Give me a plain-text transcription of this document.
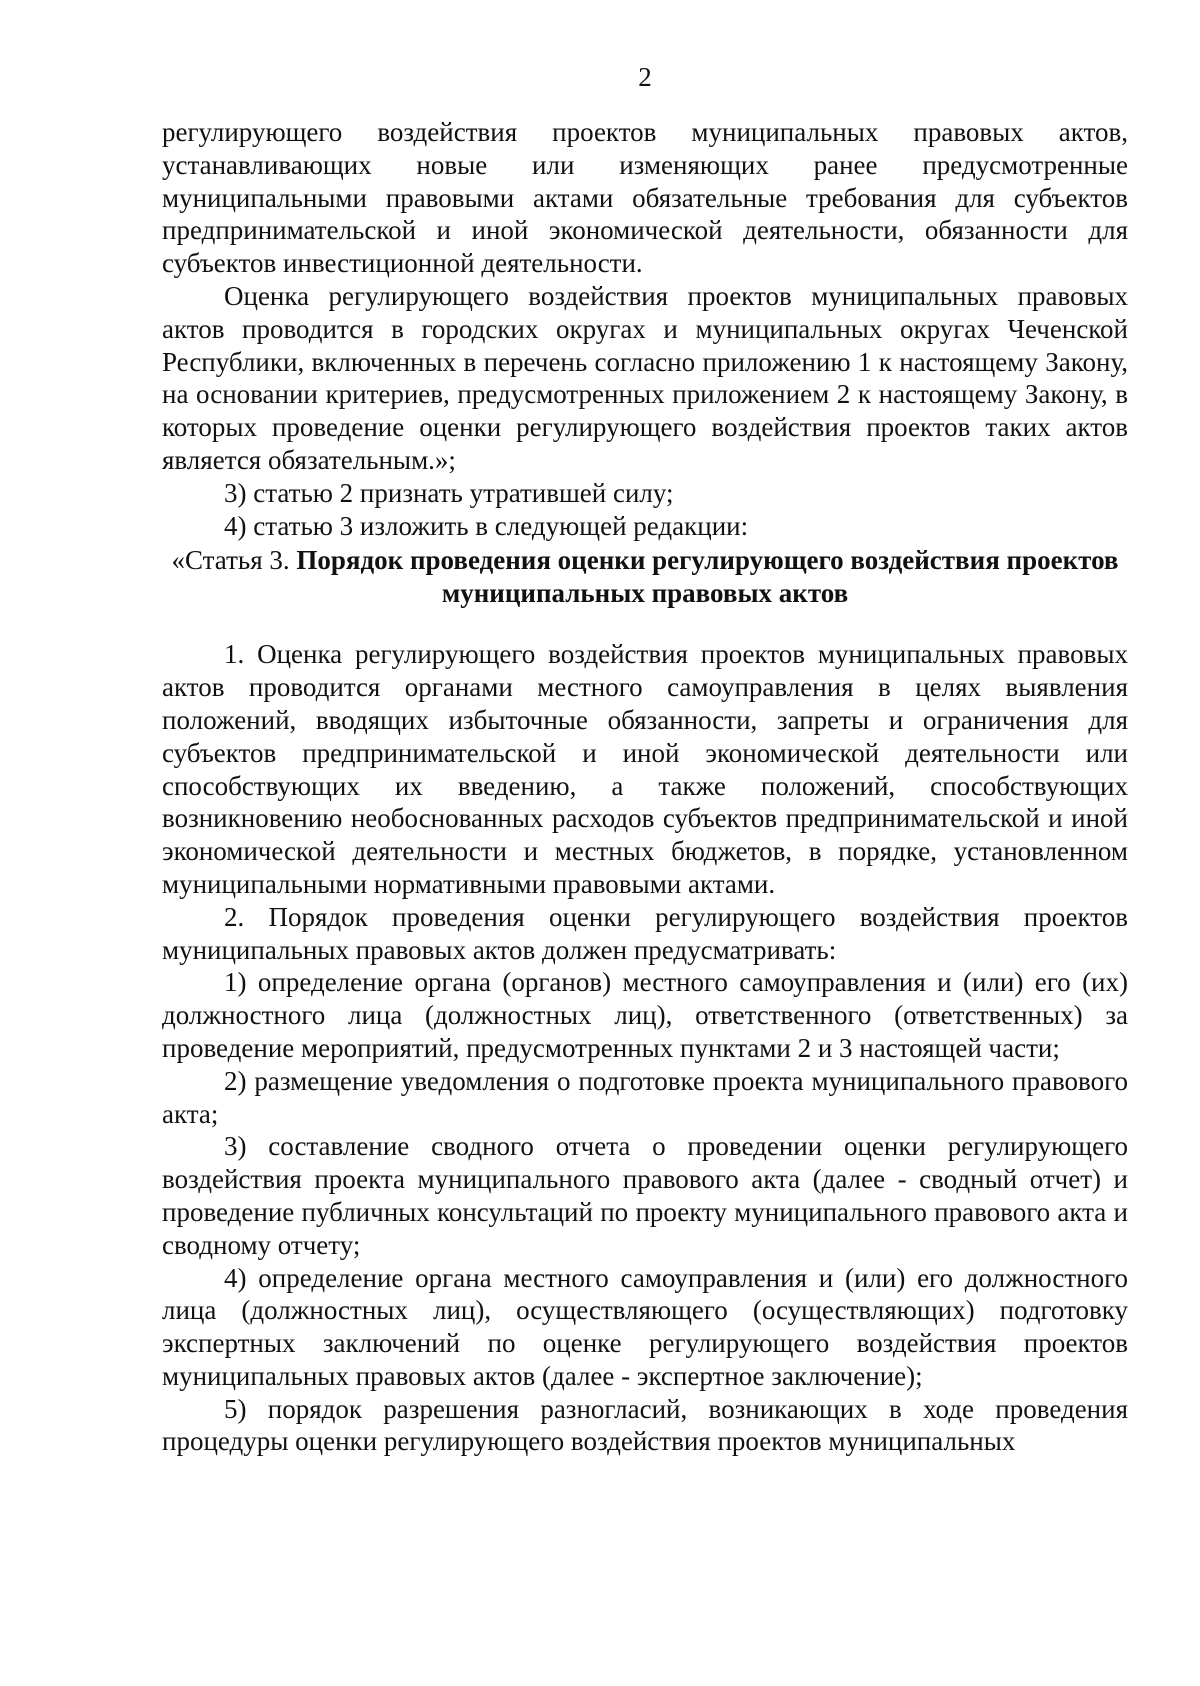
2

регулирующего воздействия проектов муниципальных правовых актов, устанавливающих новые или изменяющих ранее предусмотренные муниципальными правовыми актами обязательные требования для субъектов предпринимательской и иной экономической деятельности, обязанности для субъектов инвестиционной деятельности.

Оценка регулирующего воздействия проектов муниципальных правовых актов проводится в городских округах и муниципальных округах Чеченской Республики, включенных в перечень согласно приложению 1 к настоящему Закону, на основании критериев, предусмотренных приложением 2 к настоящему Закону, в которых проведение оценки регулирующего воздействия проектов таких актов является обязательным.»;

3) статью 2 признать утратившей силу;

4) статью 3 изложить в следующей редакции:

«Статья 3. Порядок проведения оценки регулирующего воздействия проектов муниципальных правовых актов

1. Оценка регулирующего воздействия проектов муниципальных правовых актов проводится органами местного самоуправления в целях выявления положений, вводящих избыточные обязанности, запреты и ограничения для субъектов предпринимательской и иной экономической деятельности или способствующих их введению, а также положений, способствующих возникновению необоснованных расходов субъектов предпринимательской и иной экономической деятельности и местных бюджетов, в порядке, установленном муниципальными нормативными правовыми актами.

2. Порядок проведения оценки регулирующего воздействия проектов муниципальных правовых актов должен предусматривать:

1) определение органа (органов) местного самоуправления и (или) его (их) должностного лица (должностных лиц), ответственного (ответственных) за проведение мероприятий, предусмотренных пунктами 2 и 3 настоящей части;

2) размещение уведомления о подготовке проекта муниципального правового акта;

3) составление сводного отчета о проведении оценки регулирующего воздействия проекта муниципального правового акта (далее - сводный отчет) и проведение публичных консультаций по проекту муниципального правового акта и сводному отчету;

4) определение органа местного самоуправления и (или) его должностного лица (должностных лиц), осуществляющего (осуществляющих) подготовку экспертных заключений по оценке регулирующего воздействия проектов муниципальных правовых актов (далее - экспертное заключение);

5) порядок разрешения разногласий, возникающих в ходе проведения процедуры оценки регулирующего воздействия проектов муниципальных
